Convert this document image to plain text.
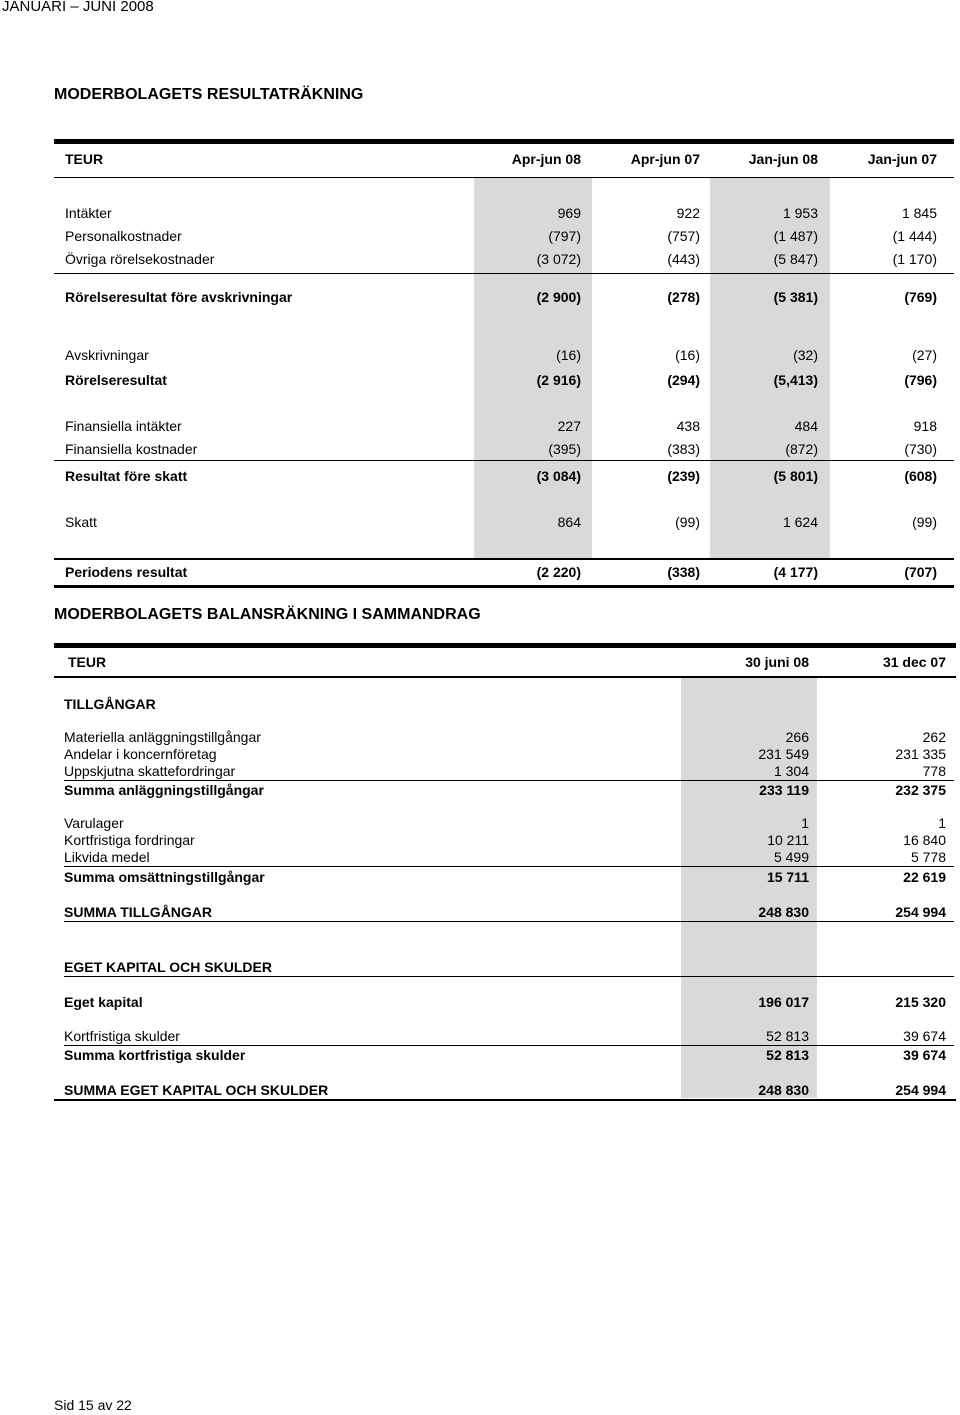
JANUARI – JUNI 2008
MODERBOLAGETS RESULTATRÄKNING
TEUR	Apr-jun 08	Apr-jun 07	Jan-jun 08	Jan-jun 07
Intäkter	969	922	1 953	1 845
Personalkostnader	(797)	(757)	(1 487)	(1 444)
Övriga rörelsekostnader	(3 072)	(443)	(5 847)	(1 170)
Rörelseresultat före avskrivningar	(2 900)	(278)	(5 381)	(769)
Avskrivningar	(16)	(16)	(32)	(27)
Rörelseresultat	(2 916)	(294)	(5,413)	(796)
Finansiella intäkter	227	438	484	918
Finansiella kostnader	(395)	(383)	(872)	(730)
Resultat före skatt	(3 084)	(239)	(5 801)	(608)
Skatt	864	(99)	1 624	(99)
Periodens resultat	(2 220)	(338)	(4 177)	(707)
MODERBOLAGETS BALANSRÄKNING I SAMMANDRAG
TEUR	30 juni 08	31 dec 07
TILLGÅNGAR
Materiella anläggningstillgångar	266	262
Andelar i koncernföretag	231 549	231 335
Uppskjutna skattefordringar	1 304	778
Summa anläggningstillgångar	233 119	232 375
Varulager	1	1
Kortfristiga fordringar	10 211	16 840
Likvida medel	5 499	5 778
Summa omsättningstillgångar	15 711	22 619
SUMMA TILLGÅNGAR	248 830	254 994
EGET KAPITAL OCH SKULDER
Eget kapital	196 017	215 320
Kortfristiga skulder	52 813	39 674
Summa kortfristiga skulder	52 813	39 674
SUMMA EGET KAPITAL OCH SKULDER	248 830	254 994
Sid 15 av 22
